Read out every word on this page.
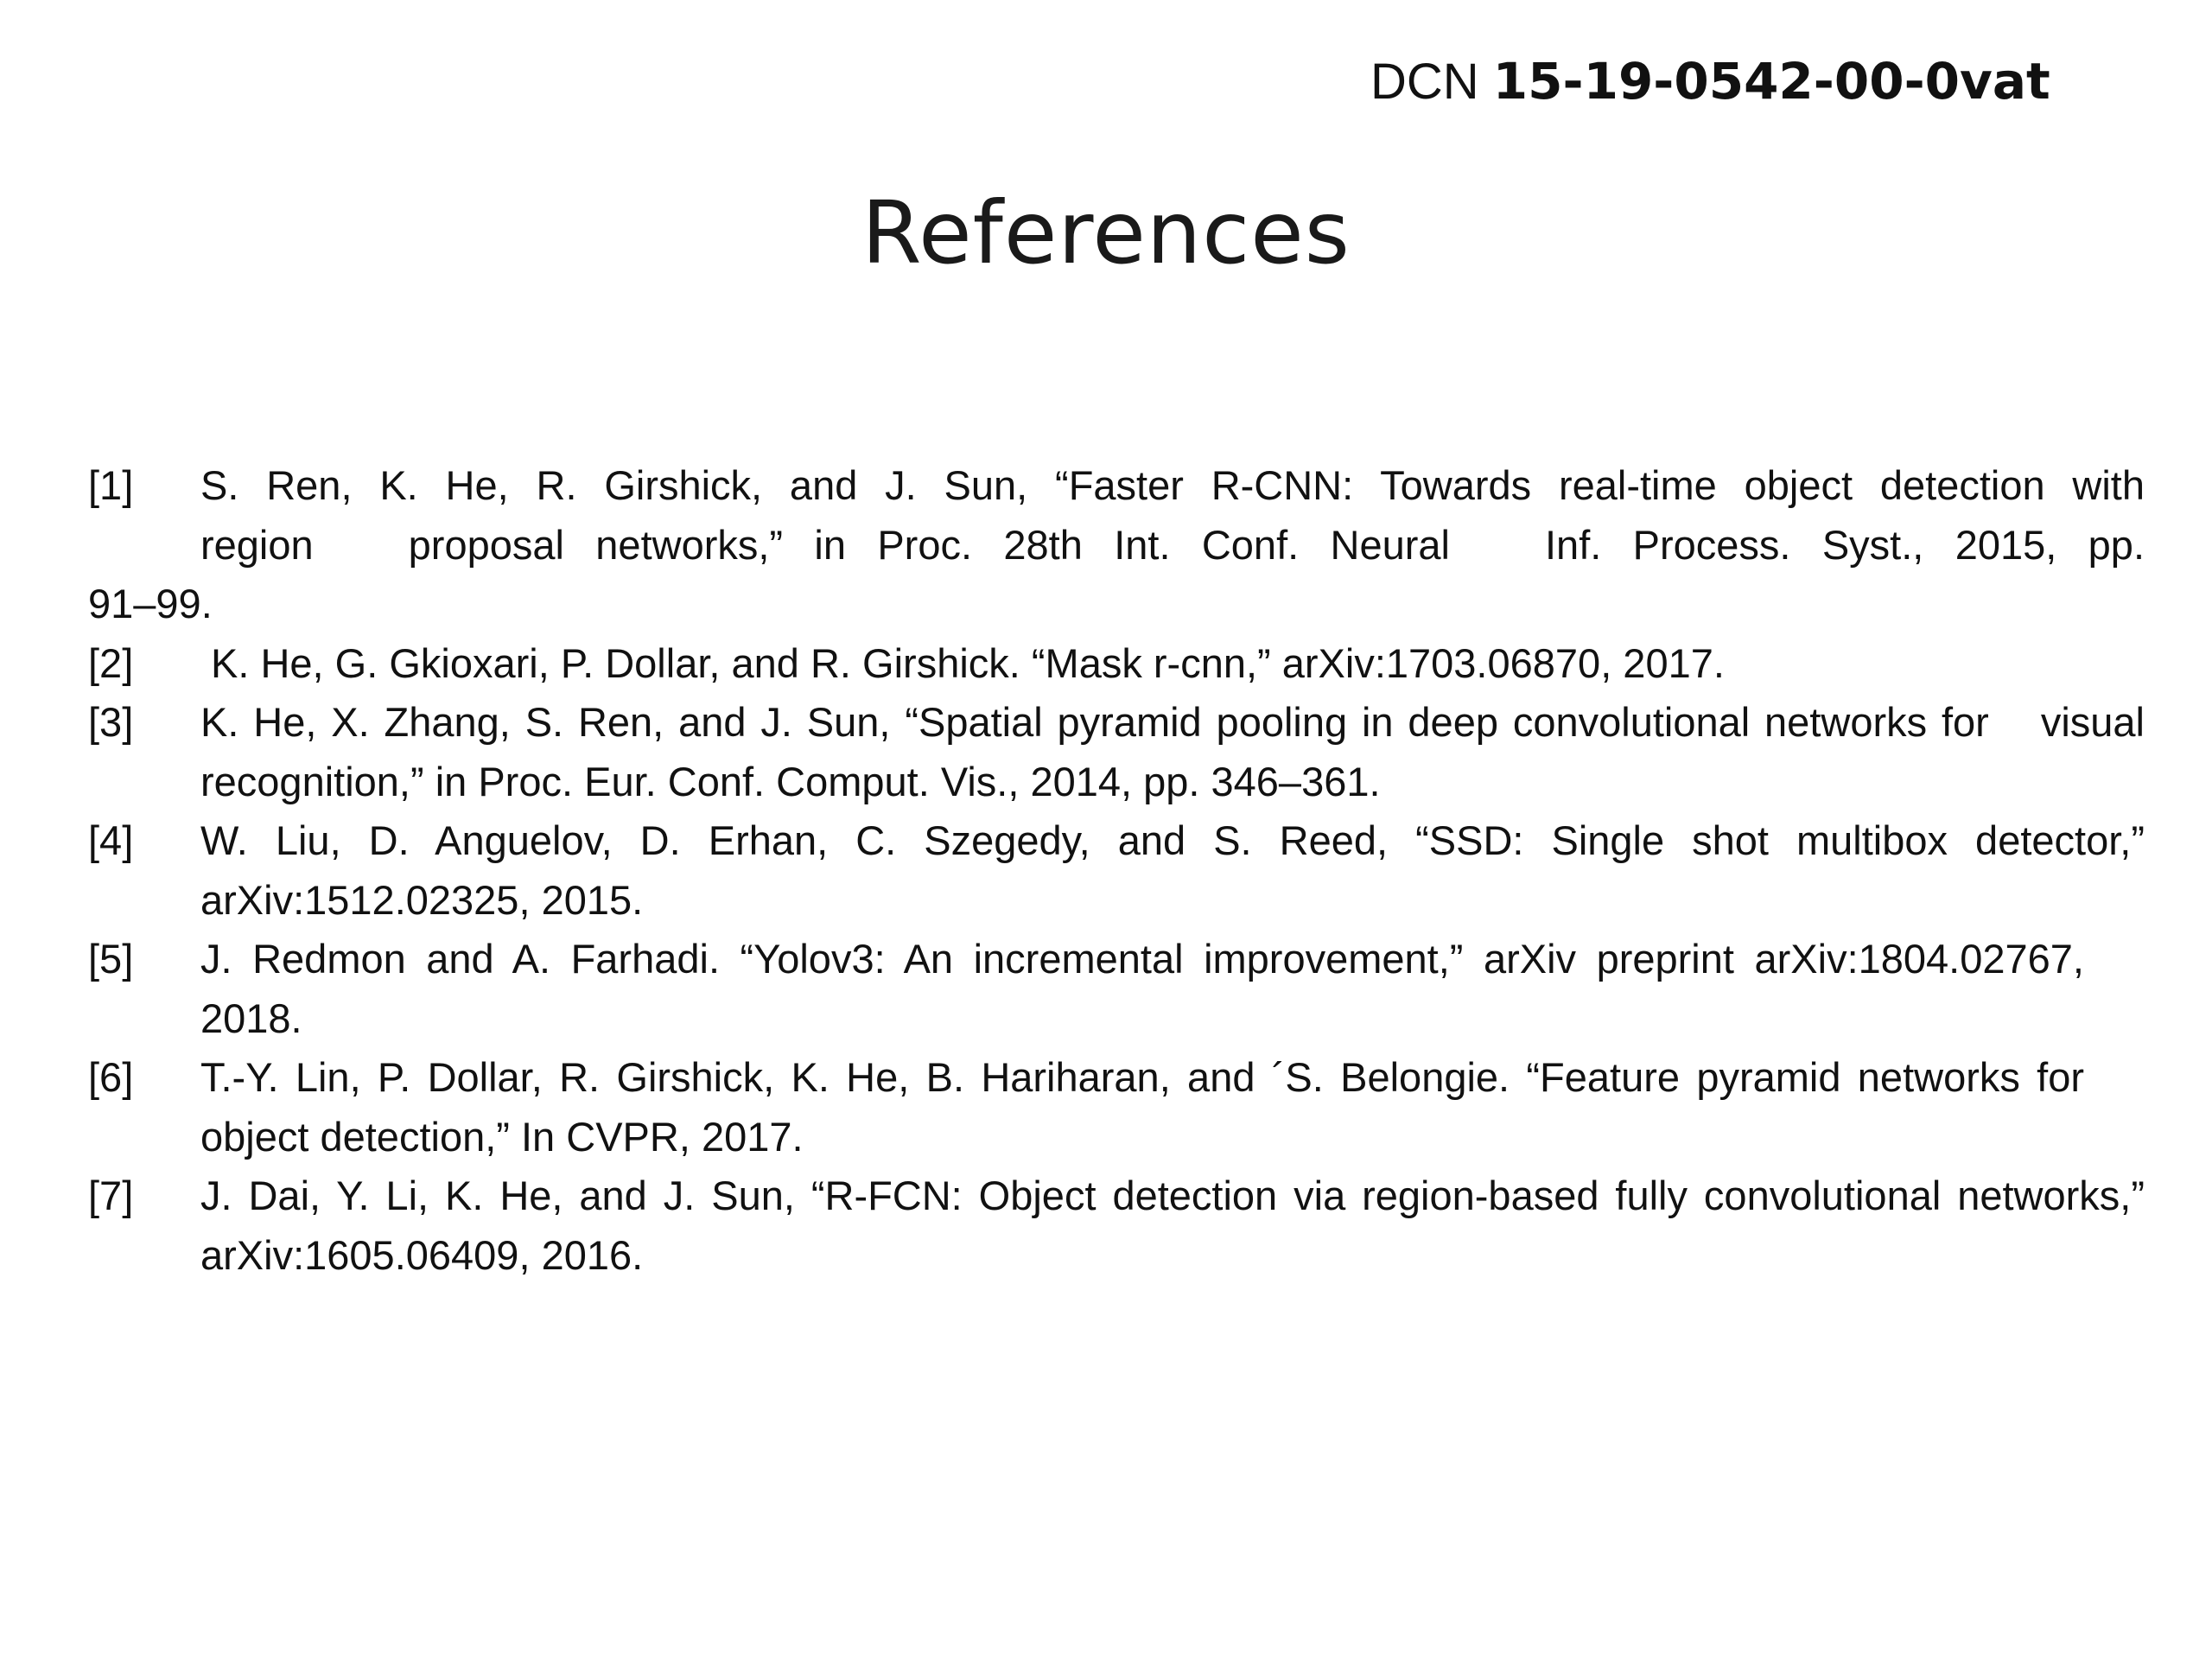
DCN 15-19-0542-00-0vat
References
[1] S. Ren, K. He, R. Girshick, and J. Sun, “Faster R-CNN: Towards real-time object detection with
region proposal networks,” in Proc. 28th Int. Conf. Neural Inf. Process. Syst., 2015, pp.
91–99.
[2] K. He, G. Gkioxari, P. Dollar, and R. Girshick. “Mask r-cnn,” arXiv:1703.06870, 2017.
[3] K. He, X. Zhang, S. Ren, and J. Sun, “Spatial pyramid pooling in deep convolutional networks for visual recognition,” in Proc. Eur. Conf. Comput. Vis., 2014, pp. 346–361.
[4] W. Liu, D. Anguelov, D. Erhan, C. Szegedy, and S. Reed, “SSD: Single shot multibox detector,” arXiv:1512.02325, 2015.
[5] J. Redmon and A. Farhadi. “Yolov3: An incremental improvement,” arXiv preprint arXiv:1804.02767,2018.
[6] T.-Y. Lin, P. Dollar, R. Girshick, K. He, B. Hariharan, and ´S. Belongie. “Feature pyramid networks forobject detection,” In CVPR, 2017.
[7] J. Dai, Y. Li, K. He, and J. Sun, “R-FCN: Object detection via region-based fully convolutional networks,” arXiv:1605.06409, 2016.
